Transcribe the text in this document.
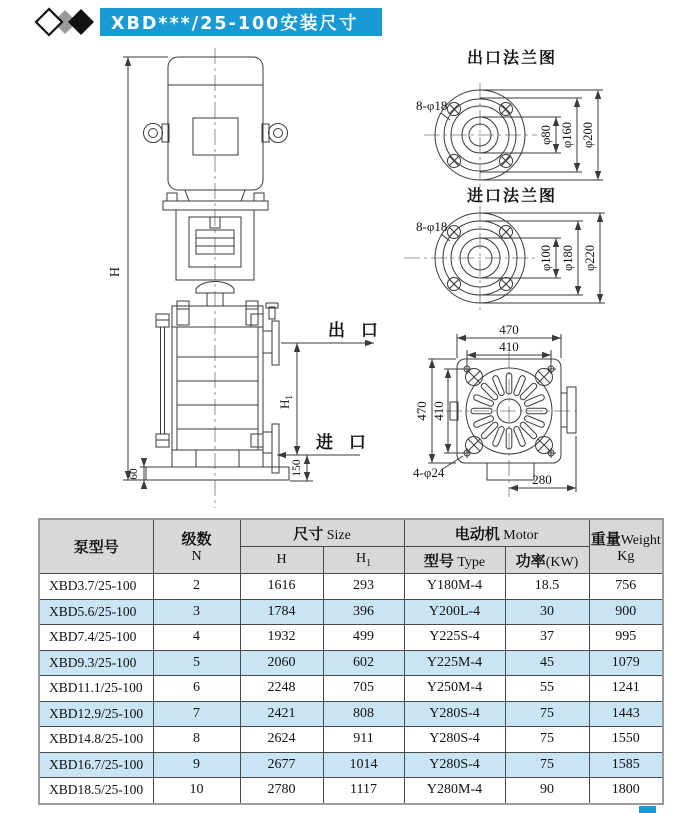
XBD***/25-100安装尺寸
H
60
出 口
进 口
$H_1$
150
出口法兰图
8-φ18
φ80 φ160 φ200
进口法兰图
8-φ18
φ100 φ180 φ220
470
410
470 410
4-φ24	280
泵型号	级数
N	尺寸 Size		电动机 Motor		重量Weight
Kg
		H	$H_1$	型号 Type	功率(KW)	
XBD3.7/25-100	2	1616	293	Y180M-4	18.5	756
XBD5.6/25-100	3	1784	396	Y200L-4	30	900
XBD7.4/25-100	4	1932	499	Y225S-4	37	995
XBD9.3/25-100	5	2060	602	Y225M-4	45	1079
XBD11.1/25-100	6	2248	705	Y250M-4	55	1241
XBD12.9/25-100	7	2421	808	Y280S-4	75	1443
XBD14.8/25-100	8	2624	911	Y280S-4	75	1550
XBD16.7/25-100	9	2677	1014	Y280S-4	75	1585
XBD18.5/25-100	10	2780	1117	Y280M-4	90	1800
